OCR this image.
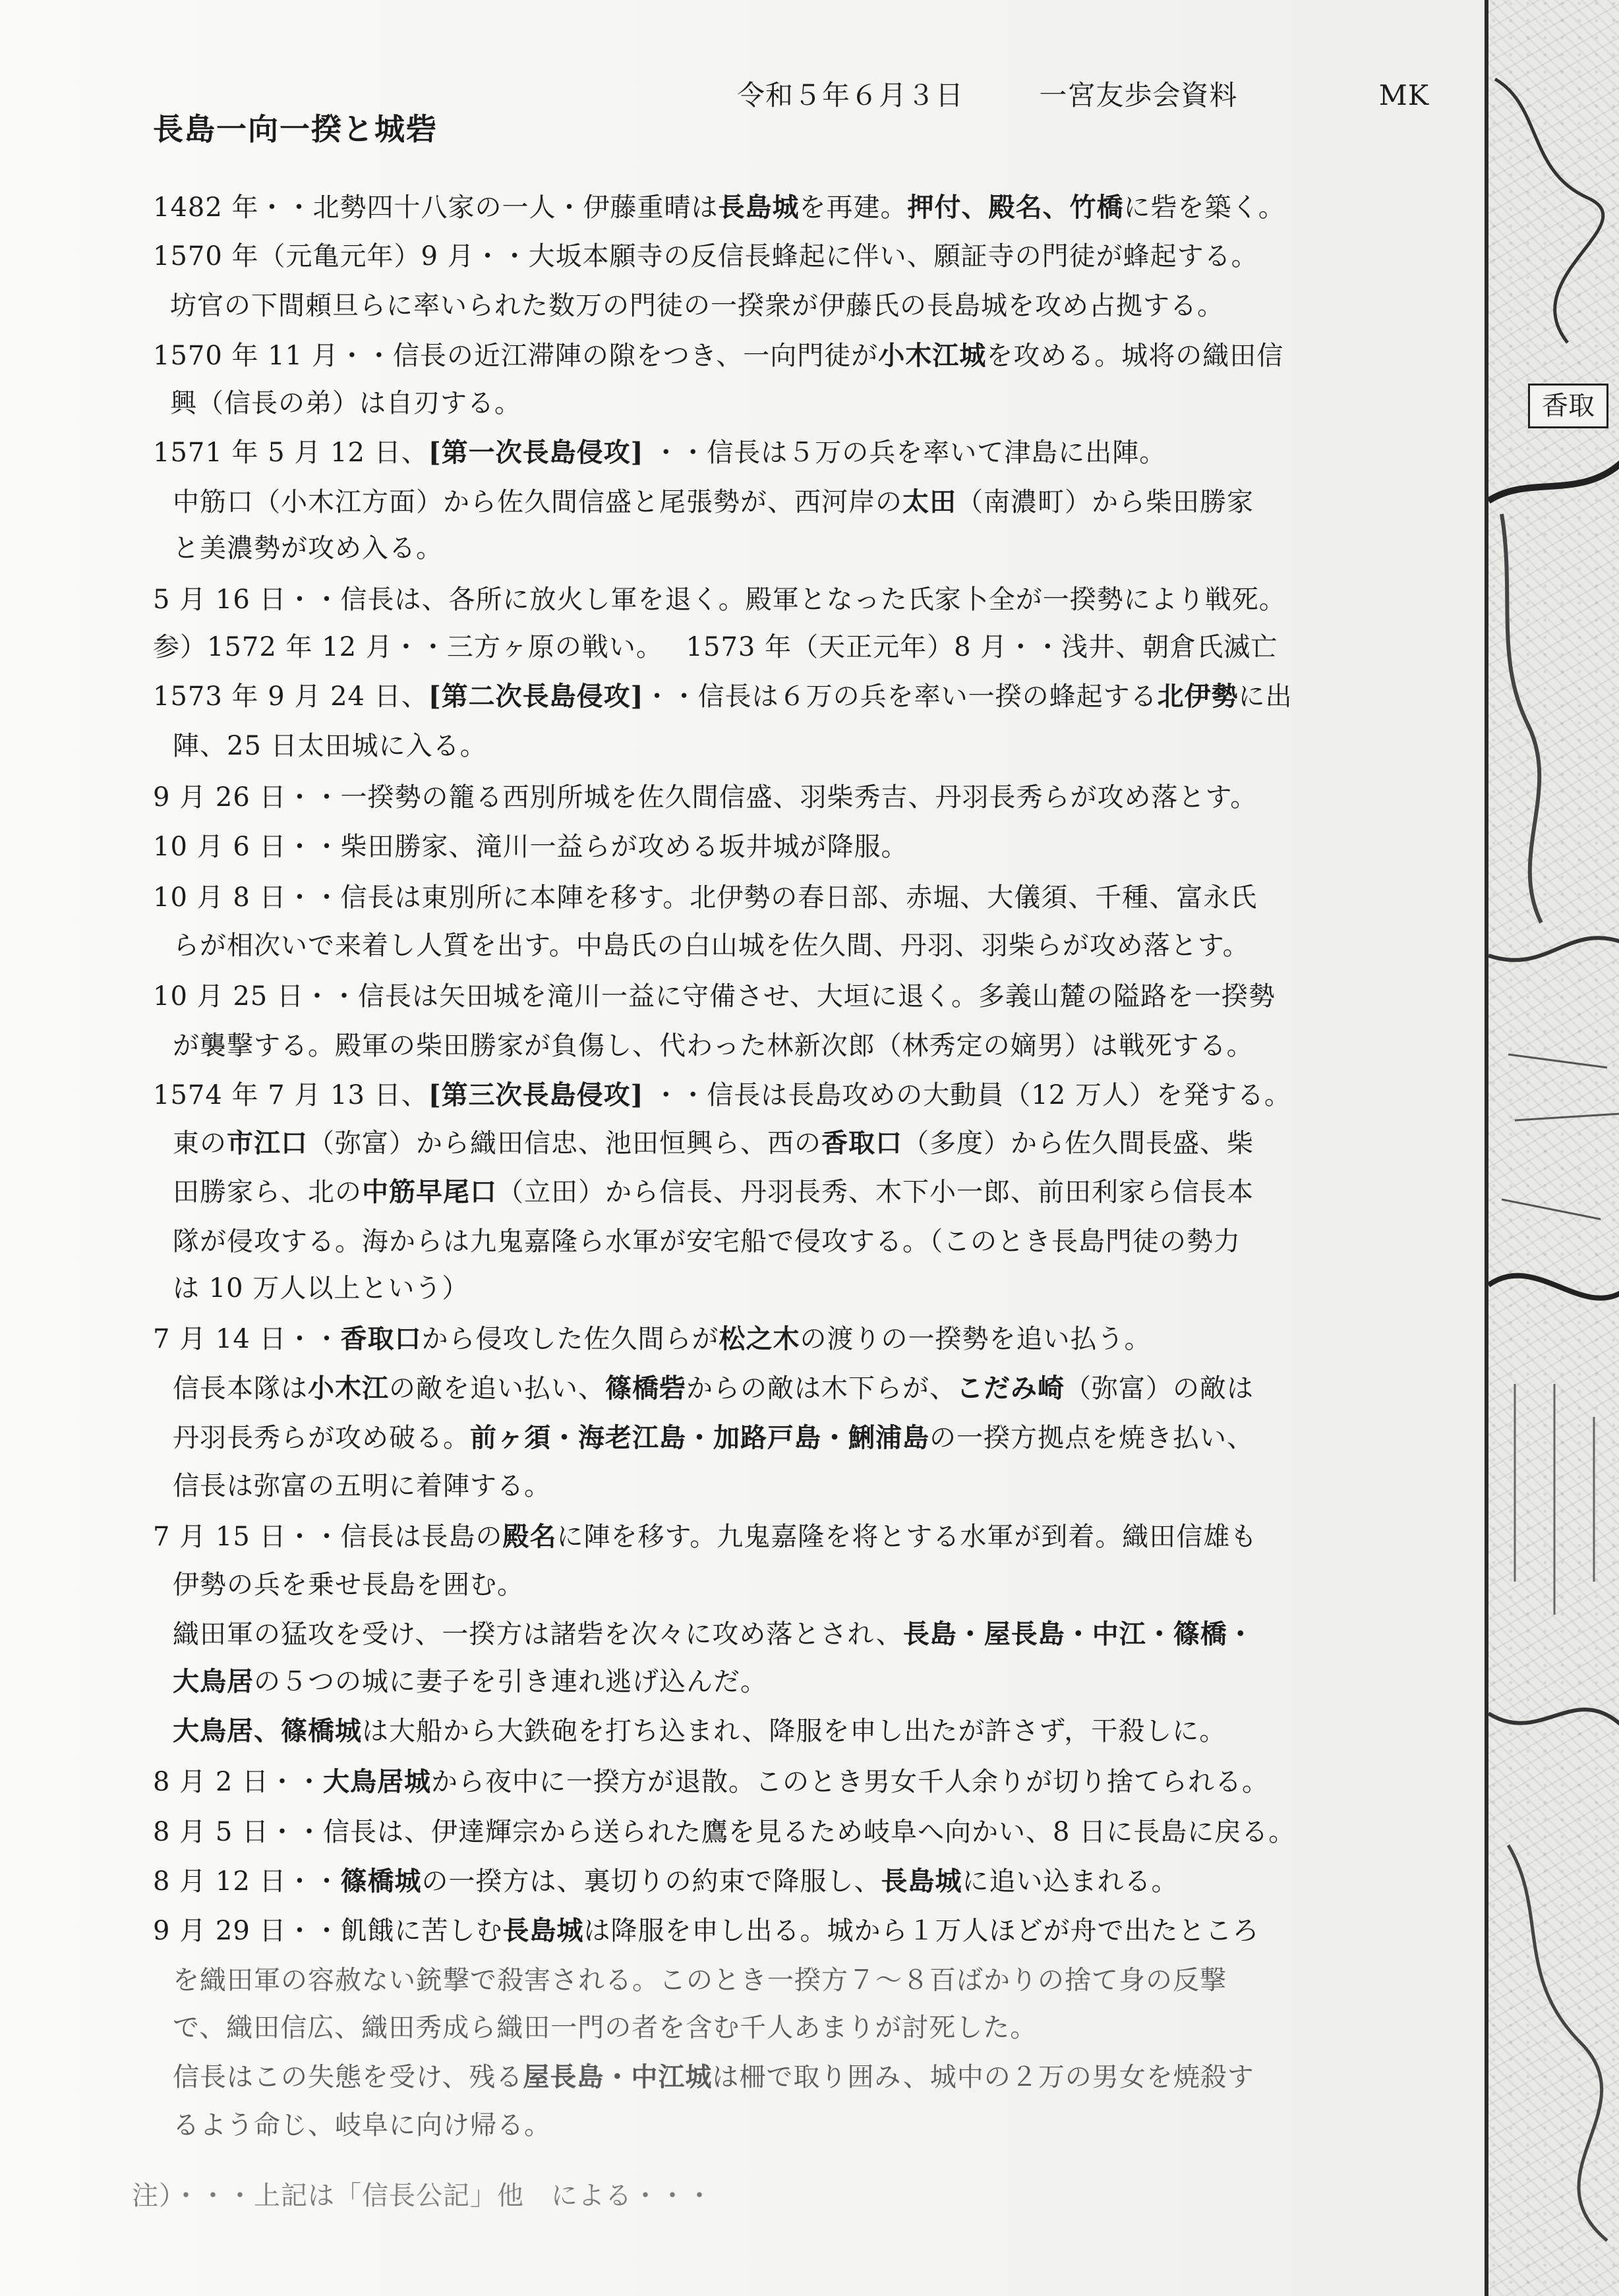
香取
令和５年６月３日	一宮友歩会資料	MK
長島一向一揆と城砦
1482 年・・北勢四十八家の一人・伊藤重晴は長島城を再建。押付、殿名、竹橋に砦を築く。
1570 年（元亀元年）9 月・・大坂本願寺の反信長蜂起に伴い、願証寺の門徒が蜂起する。
坊官の下間頼旦らに率いられた数万の門徒の一揆衆が伊藤氏の長島城を攻め占拠する。
1570 年 11 月・・信長の近江滞陣の隙をつき、一向門徒が小木江城を攻める。城将の織田信
興（信長の弟）は自刃する。
1571 年 5 月 12 日、[第一次長島侵攻] ・・信長は５万の兵を率いて津島に出陣。
中筋口（小木江方面）から佐久間信盛と尾張勢が、西河岸の太田（南濃町）から柴田勝家
と美濃勢が攻め入る。
5 月 16 日・・信長は、各所に放火し軍を退く。殿軍となった氏家卜全が一揆勢により戦死。
参）1572 年 12 月・・三方ヶ原の戦い。　 1573 年（天正元年）8 月・・浅井、朝倉氏滅亡
1573 年 9 月 24 日、[第二次長島侵攻]・・信長は６万の兵を率い一揆の蜂起する北伊勢に出
陣、25 日太田城に入る。
9 月 26 日・・一揆勢の籠る西別所城を佐久間信盛、羽柴秀吉、丹羽長秀らが攻め落とす。
10 月 6 日・・柴田勝家、滝川一益らが攻める坂井城が降服。
10 月 8 日・・信長は東別所に本陣を移す。北伊勢の春日部、赤堀、大儀須、千種、富永氏
らが相次いで来着し人質を出す。中島氏の白山城を佐久間、丹羽、羽柴らが攻め落とす。
10 月 25 日・・信長は矢田城を滝川一益に守備させ、大垣に退く。多義山麓の隘路を一揆勢
が襲撃する。殿軍の柴田勝家が負傷し、代わった林新次郎（林秀定の嫡男）は戦死する。
1574 年 7 月 13 日、[第三次長島侵攻] ・・信長は長島攻めの大動員（12 万人）を発する。
東の市江口（弥富）から織田信忠、池田恒興ら、西の香取口（多度）から佐久間長盛、柴
田勝家ら、北の中筋早尾口（立田）から信長、丹羽長秀、木下小一郎、前田利家ら信長本
隊が侵攻する。海からは九鬼嘉隆ら水軍が安宅船で侵攻する。（このとき長島門徒の勢力
は 10 万人以上という）
7 月 14 日・・香取口から侵攻した佐久間らが松之木の渡りの一揆勢を追い払う。
信長本隊は小木江の敵を追い払い、篠橋砦からの敵は木下らが、こだみ崎（弥富）の敵は
丹羽長秀らが攻め破る。前ヶ須・海老江島・加路戸島・鯏浦島の一揆方拠点を焼き払い、
信長は弥富の五明に着陣する。
7 月 15 日・・信長は長島の殿名に陣を移す。九鬼嘉隆を将とする水軍が到着。織田信雄も
伊勢の兵を乗せ長島を囲む。
織田軍の猛攻を受け、一揆方は諸砦を次々に攻め落とされ、長島・屋長島・中江・篠橋・
大鳥居の５つの城に妻子を引き連れ逃げ込んだ。
大鳥居、篠橋城は大船から大鉄砲を打ち込まれ、降服を申し出たが許さず，干殺しに。
8 月 2 日・・大鳥居城から夜中に一揆方が退散。このとき男女千人余りが切り捨てられる。
8 月 5 日・・信長は、伊達輝宗から送られた鷹を見るため岐阜へ向かい、8 日に長島に戻る。
8 月 12 日・・篠橋城の一揆方は、裏切りの約束で降服し、長島城に追い込まれる。
9 月 29 日・・飢餓に苦しむ長島城は降服を申し出る。城から１万人ほどが舟で出たところ
を織田軍の容赦ない銃撃で殺害される。このとき一揆方７～８百ばかりの捨て身の反撃
で、織田信広、織田秀成ら織田一門の者を含む千人あまりが討死した。
信長はこの失態を受け、残る屋長島・中江城は柵で取り囲み、城中の２万の男女を焼殺す
るよう命じ、岐阜に向け帰る。
注）・・・上記は「信長公記」他　による・・・
